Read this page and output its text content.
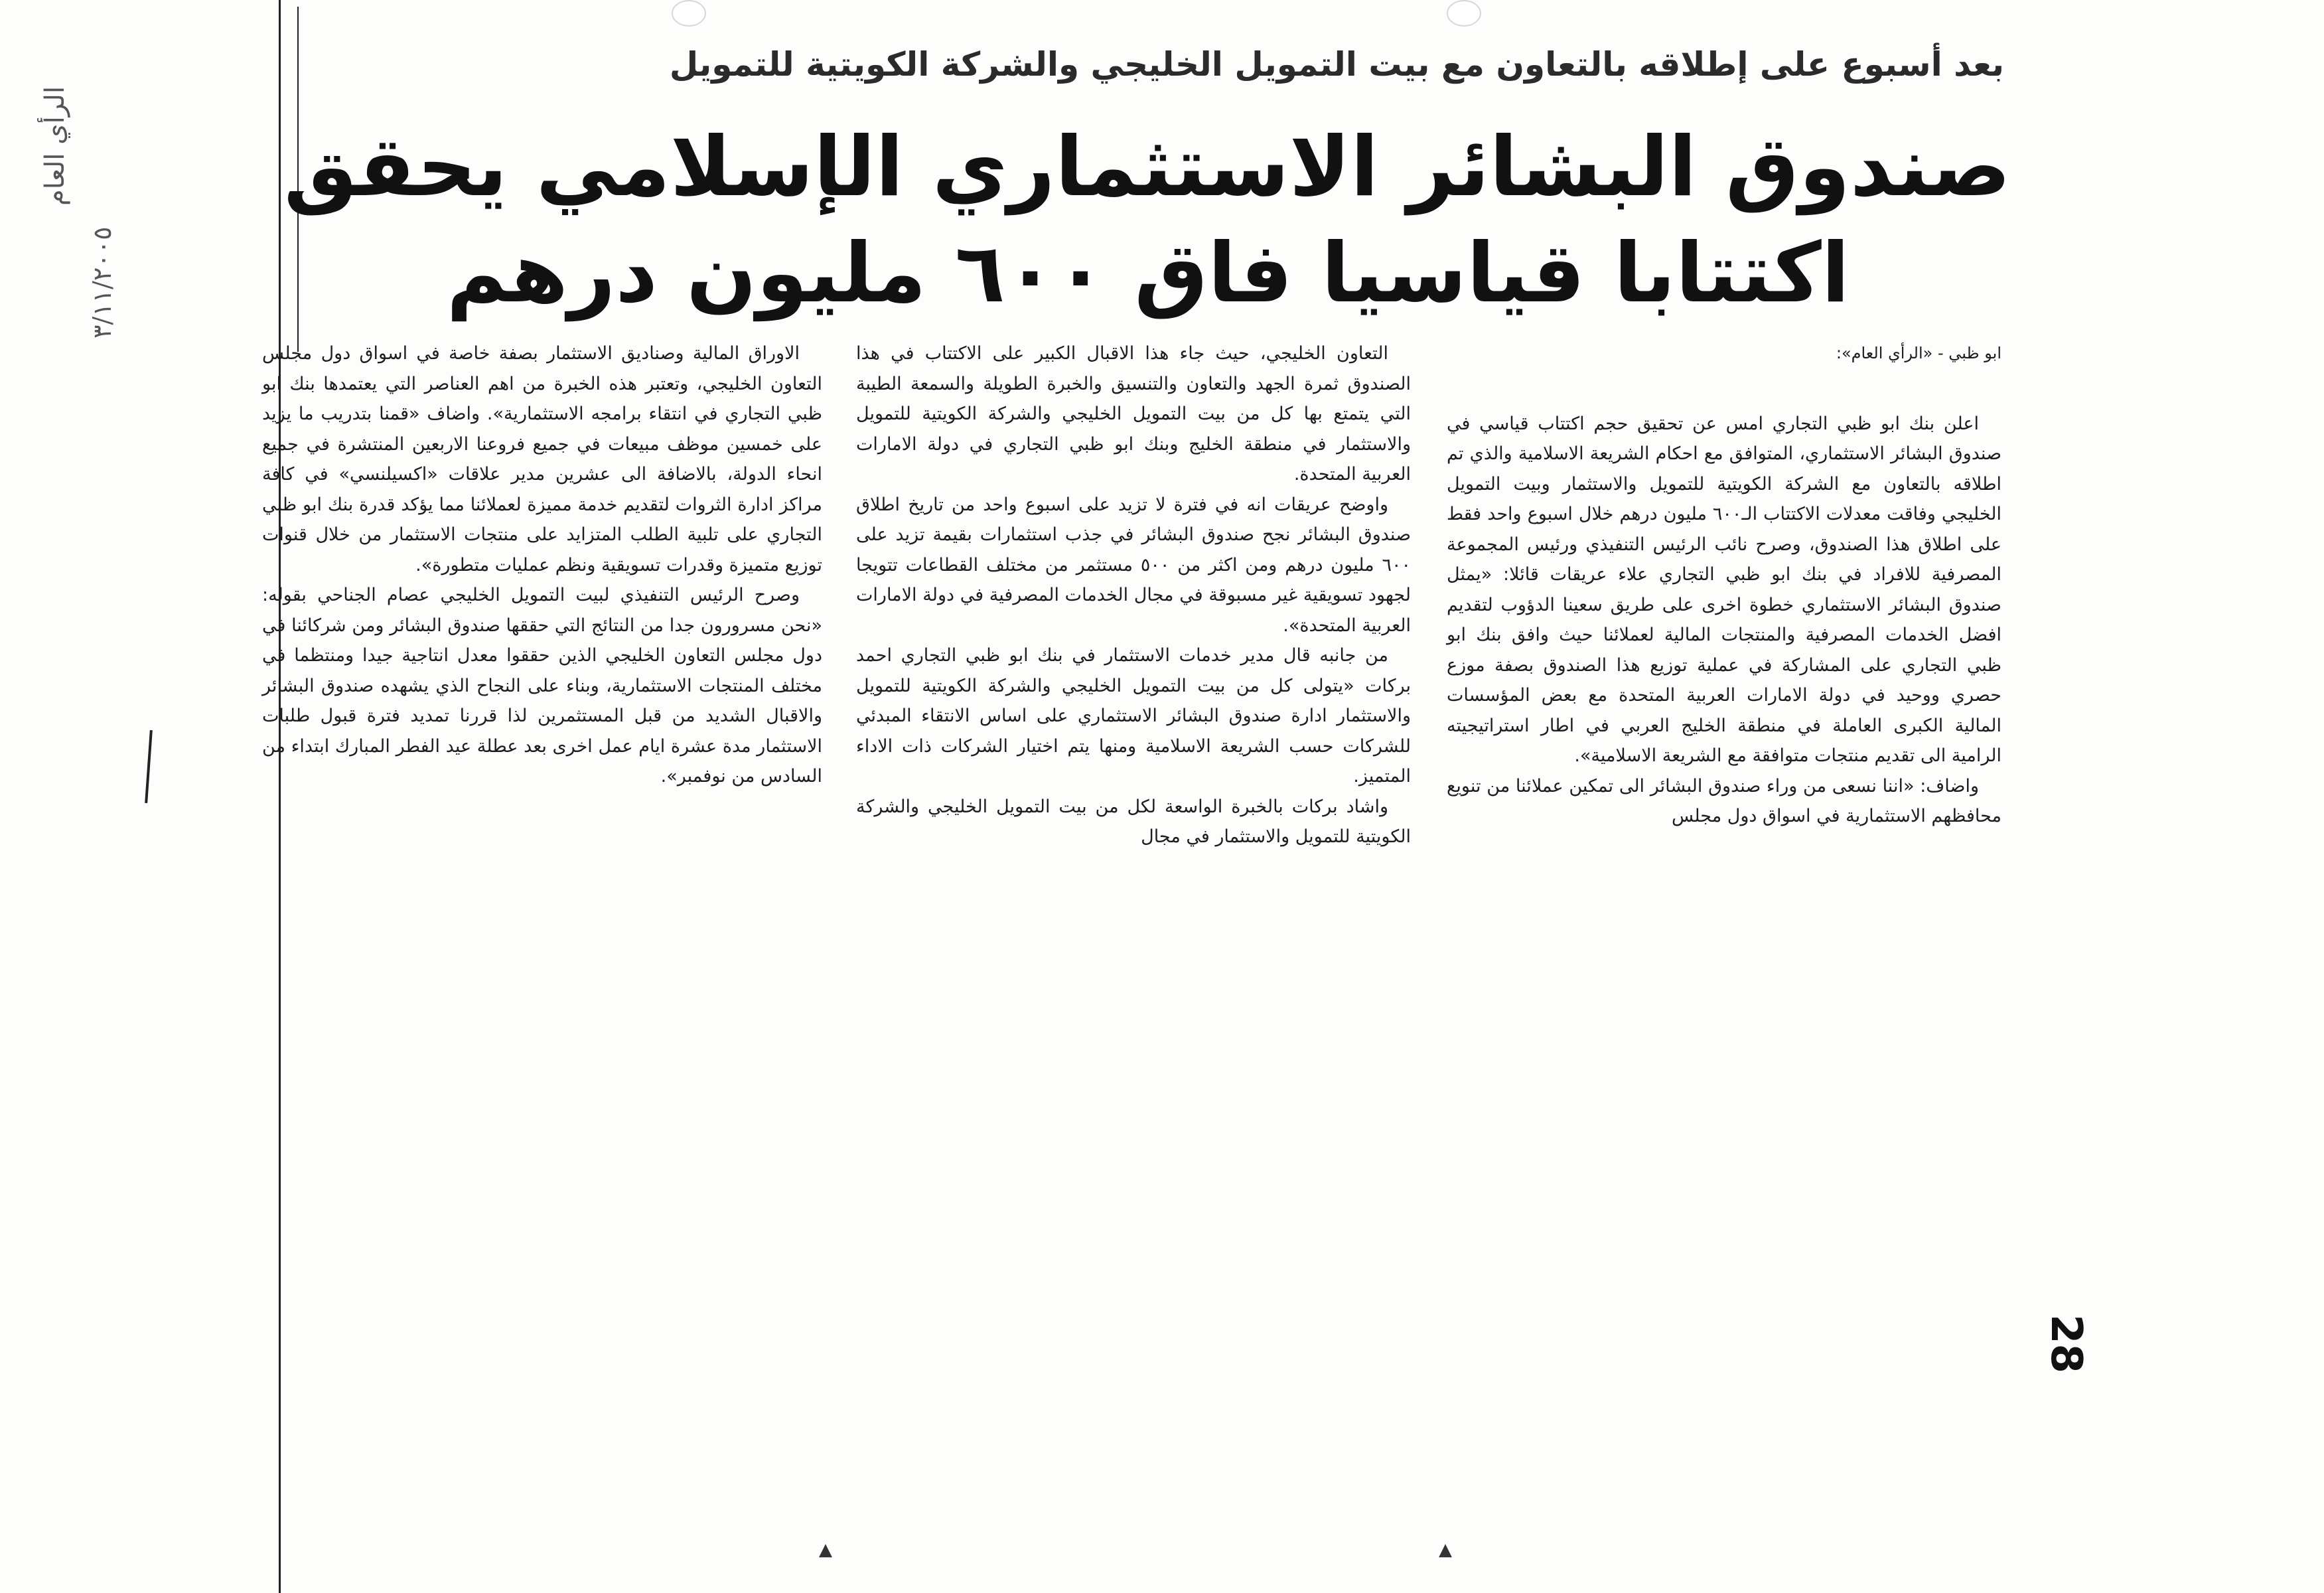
الرأي العام
٣/١١/٢٠٠٥
بعد أسبوع على إطلاقه بالتعاون مع بيت التمويل الخليجي والشركة الكويتية للتمويل
صندوق البشائر الاستثماري الإسلامي يحقق
اكتتابا قياسيا فاق ٦٠٠ مليون درهم

ابو ظبي - «الرأي العام»:

اعلن بنك ابو ظبي التجاري امس عن تحقيق حجم اكتتاب قياسي في صندوق البشائر الاستثماري، المتوافق مع احكام الشريعة الاسلامية والذي تم اطلاقه بالتعاون مع الشركة الكويتية للتمويل والاستثمار وبيت التمويل الخليجي وفاقت معدلات الاكتتاب الـ٦٠٠ مليون درهم خلال اسبوع واحد فقط على اطلاق هذا الصندوق، وصرح نائب الرئيس التنفيذي ورئيس المجموعة المصرفية للافراد في بنك ابو ظبي التجاري علاء عريقات قائلا: «يمثل صندوق البشائر الاستثماري خطوة اخرى على طريق سعينا الدؤوب لتقديم افضل الخدمات المصرفية والمنتجات المالية لعملائنا حيث وافق بنك ابو ظبي التجاري على المشاركة في عملية توزيع هذا الصندوق بصفة موزع حصري ووحيد في دولة الامارات العربية المتحدة مع بعض المؤسسات المالية الكبرى العاملة في منطقة الخليج العربي في اطار استراتيجيته الرامية الى تقديم منتجات متوافقة مع الشريعة الاسلامية».

واضاف: «اننا نسعى من وراء صندوق البشائر الى تمكين عملائنا من تنويع محافظهم الاستثمارية في اسواق دول مجلس

التعاون الخليجي، حيث جاء هذا الاقبال الكبير على الاكتتاب في هذا الصندوق ثمرة الجهد والتعاون والتنسيق والخبرة الطويلة والسمعة الطيبة التي يتمتع بها كل من بيت التمويل الخليجي والشركة الكويتية للتمويل والاستثمار في منطقة الخليج وبنك ابو ظبي التجاري في دولة الامارات العربية المتحدة.

واوضح عريقات انه في فترة لا تزيد على اسبوع واحد من تاريخ اطلاق صندوق البشائر نجح صندوق البشائر في جذب استثمارات بقيمة تزيد على ٦٠٠ مليون درهم ومن اكثر من ٥٠٠ مستثمر من مختلف القطاعات تتويجا لجهود تسويقية غير مسبوقة في مجال الخدمات المصرفية في دولة الامارات العربية المتحدة».

من جانبه قال مدير خدمات الاستثمار في بنك ابو ظبي التجاري احمد بركات «يتولى كل من بيت التمويل الخليجي والشركة الكويتية للتمويل والاستثمار ادارة صندوق البشائر الاستثماري على اساس الانتقاء المبدئي للشركات حسب الشريعة الاسلامية ومنها يتم اختيار الشركات ذات الاداء المتميز.

واشاد بركات بالخبرة الواسعة لكل من بيت التمويل الخليجي والشركة الكويتية للتمويل والاستثمار في مجال

الاوراق المالية وصناديق الاستثمار بصفة خاصة في اسواق دول مجلس التعاون الخليجي، وتعتبر هذه الخبرة من اهم العناصر التي يعتمدها بنك ابو ظبي التجاري في انتقاء برامجه الاستثمارية». واضاف «قمنا بتدريب ما يزيد على خمسين موظف مبيعات في جميع فروعنا الاربعين المنتشرة في جميع انحاء الدولة، بالاضافة الى عشرين مدير علاقات «اكسيلنسي» في كافة مراكز ادارة الثروات لتقديم خدمة مميزة لعملائنا مما يؤكد قدرة بنك ابو ظبي التجاري على تلبية الطلب المتزايد على منتجات الاستثمار من خلال قنوات توزيع متميزة وقدرات تسويقية ونظم عمليات متطورة».

وصرح الرئيس التنفيذي لبيت التمويل الخليجي عصام الجناحي بقوله: «نحن مسرورون جدا من النتائج التي حققها صندوق البشائر ومن شركائنا في دول مجلس التعاون الخليجي الذين حققوا معدل انتاجية جيدا ومنتظما في مختلف المنتجات الاستثمارية، وبناء على النجاح الذي يشهده صندوق البشائر والاقبال الشديد من قبل المستثمرين لذا قررنا تمديد فترة قبول طلبات الاستثمار مدة عشرة ايام عمل اخرى بعد عطلة عيد الفطر المبارك ابتداء من السادس من نوفمبر».

28
▲	▲
